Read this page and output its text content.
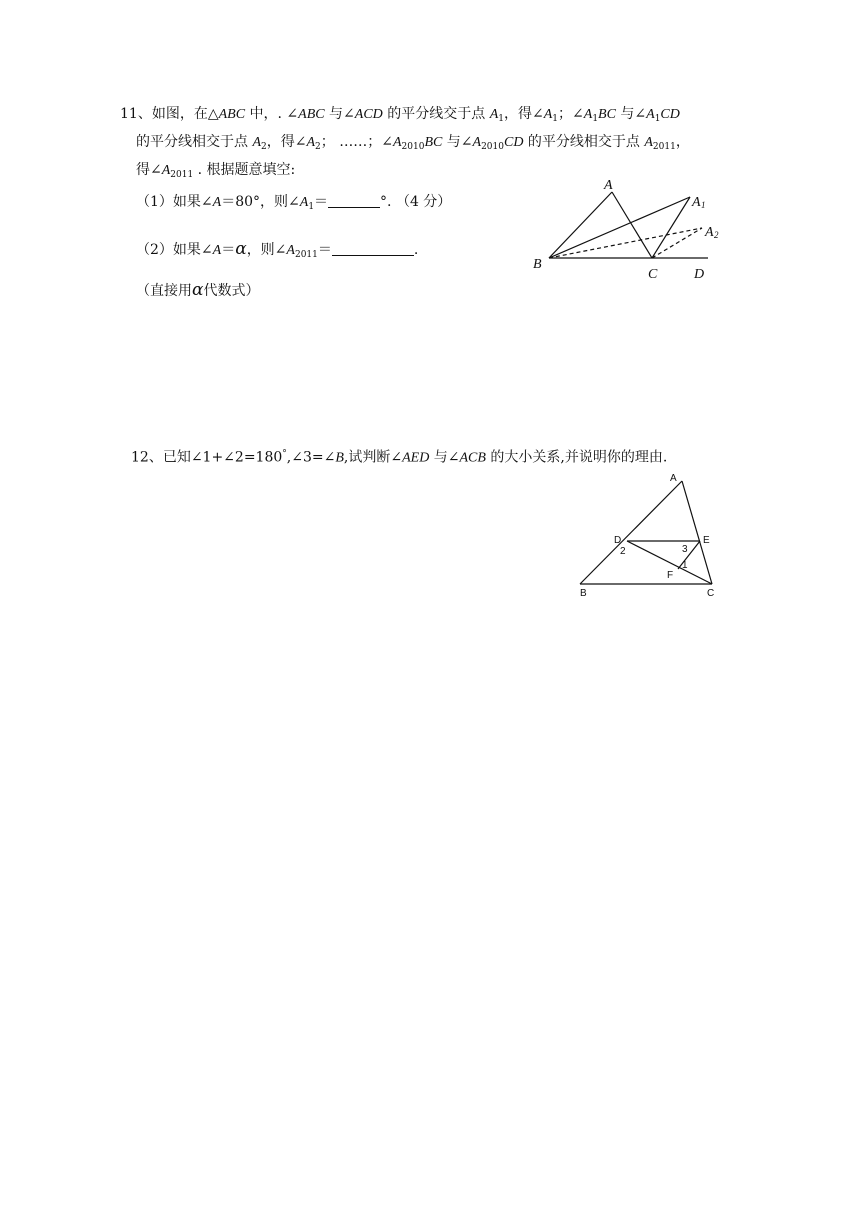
11、如图，在△ABC 中，. ∠ABC 与∠ACD 的平分线交于点 $A_1$，得$\angle A_1$；$\angle A_1BC$ 与$\angle A_1CD$
的平分线相交于点 $A_2$，得$\angle A_2$； ……；$\angle A_{2010}BC$ 与$\angle A_{2010}CD$ 的平分线相交于点 $A_{2011}$，
得$\angle A_{2011}$ . 根据题意填空:
（1）如果∠A＝80°，则$\angle A_1=$	°. （4 分）
（2）如果∠A＝α，则$\angle A_{2011}=$	.
（直接用α代数式）
A
A 1
A 2
B
C	D
12、已知∠1+∠2=180°,∠3=∠B,试判断∠AED 与∠ACB 的大小关系,并说明你的理由.
A
D	E
B	C
F
2	3
1
